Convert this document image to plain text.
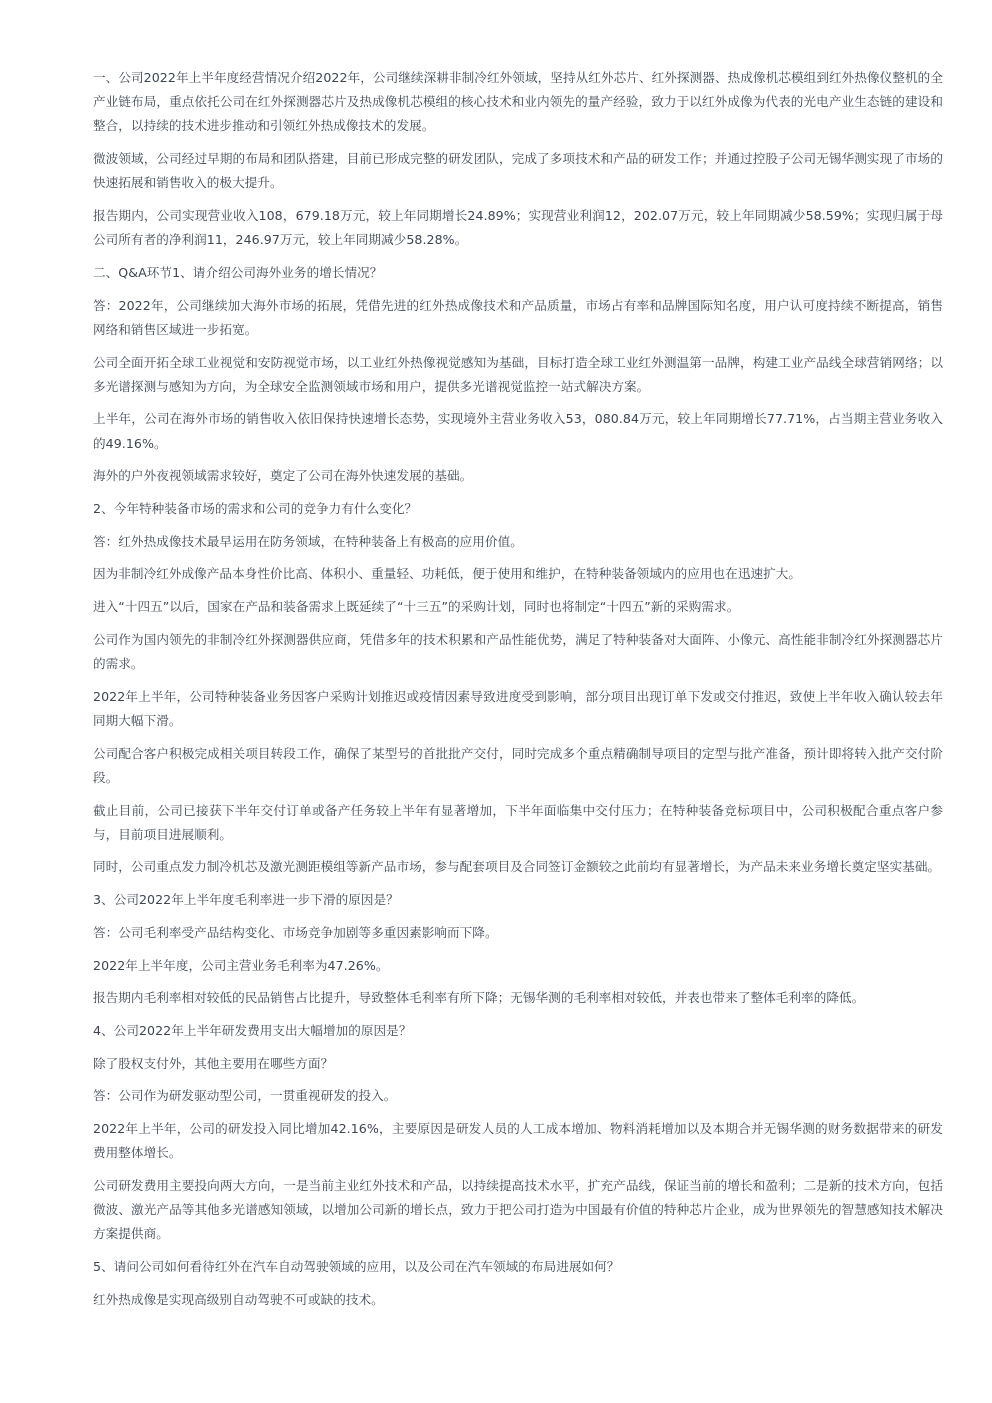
一、公司2022年上半年度经营情况介绍2022年，公司继续深耕非制冷红外领域，坚持从红外芯片、红外探测器、热成像机芯模组到红外热像仪整机的全产业链布局，重点依托公司在红外探测器芯片及热成像机芯模组的核心技术和业内领先的量产经验，致力于以红外成像为代表的光电产业生态链的建设和整合，以持续的技术进步推动和引领红外热成像技术的发展。

微波领域，公司经过早期的布局和团队搭建，目前已形成完整的研发团队，完成了多项技术和产品的研发工作；并通过控股子公司无锡华测实现了市场的快速拓展和销售收入的极大提升。

报告期内，公司实现营业收入108，679.18万元，较上年同期增长24.89%；实现营业利润12，202.07万元，较上年同期减少58.59%；实现归属于母公司所有者的净利润11，246.97万元，较上年同期减少58.28%。

二、Q&A环节1、请介绍公司海外业务的增长情况？

答：2022年，公司继续加大海外市场的拓展，凭借先进的红外热成像技术和产品质量，市场占有率和品牌国际知名度，用户认可度持续不断提高，销售网络和销售区域进一步拓宽。

公司全面开拓全球工业视觉和安防视觉市场，以工业红外热像视觉感知为基础，目标打造全球工业红外测温第一品牌，构建工业产品线全球营销网络；以多光谱探测与感知为方向，为全球安全监测领域市场和用户，提供多光谱视觉监控一站式解决方案。

上半年，公司在海外市场的销售收入依旧保持快速增长态势，实现境外主营业务收入53，080.84万元，较上年同期增长77.71%，占当期主营业务收入的49.16%。

海外的户外夜视领域需求较好，奠定了公司在海外快速发展的基础。

2、今年特种装备市场的需求和公司的竞争力有什么变化？

答：红外热成像技术最早运用在防务领域，在特种装备上有极高的应用价值。

因为非制冷红外成像产品本身性价比高、体积小、重量轻、功耗低，便于使用和维护，在特种装备领域内的应用也在迅速扩大。

进入“十四五”以后，国家在产品和装备需求上既延续了“十三五”的采购计划，同时也将制定“十四五”新的采购需求。

公司作为国内领先的非制冷红外探测器供应商，凭借多年的技术积累和产品性能优势，满足了特种装备对大面阵、小像元、高性能非制冷红外探测器芯片的需求。

2022年上半年，公司特种装备业务因客户采购计划推迟或疫情因素导致进度受到影响，部分项目出现订单下发或交付推迟，致使上半年收入确认较去年同期大幅下滑。

公司配合客户积极完成相关项目转段工作，确保了某型号的首批批产交付，同时完成多个重点精确制导项目的定型与批产准备，预计即将转入批产交付阶段。

截止目前，公司已接获下半年交付订单或备产任务较上半年有显著增加，下半年面临集中交付压力；在特种装备竞标项目中，公司积极配合重点客户参与，目前项目进展顺利。

同时，公司重点发力制冷机芯及激光测距模组等新产品市场，参与配套项目及合同签订金额较之此前均有显著增长，为产品未来业务增长奠定坚实基础。

3、公司2022年上半年度毛利率进一步下滑的原因是？

答：公司毛利率受产品结构变化、市场竞争加剧等多重因素影响而下降。

2022年上半年度，公司主营业务毛利率为47.26%。

报告期内毛利率相对较低的民品销售占比提升，导致整体毛利率有所下降；无锡华测的毛利率相对较低，并表也带来了整体毛利率的降低。

4、公司2022年上半年研发费用支出大幅增加的原因是？

除了股权支付外，其他主要用在哪些方面？

答：公司作为研发驱动型公司，一贯重视研发的投入。

2022年上半年，公司的研发投入同比增加42.16%，主要原因是研发人员的人工成本增加、物料消耗增加以及本期合并无锡华测的财务数据带来的研发费用整体增长。

公司研发费用主要投向两大方向，一是当前主业红外技术和产品，以持续提高技术水平，扩充产品线，保证当前的增长和盈利；二是新的技术方向，包括微波、激光产品等其他多光谱感知领域，以增加公司新的增长点，致力于把公司打造为中国最有价值的特种芯片企业，成为世界领先的智慧感知技术解决方案提供商。

5、请问公司如何看待红外在汽车自动驾驶领域的应用，以及公司在汽车领域的布局进展如何？

红外热成像是实现高级别自动驾驶不可或缺的技术。
